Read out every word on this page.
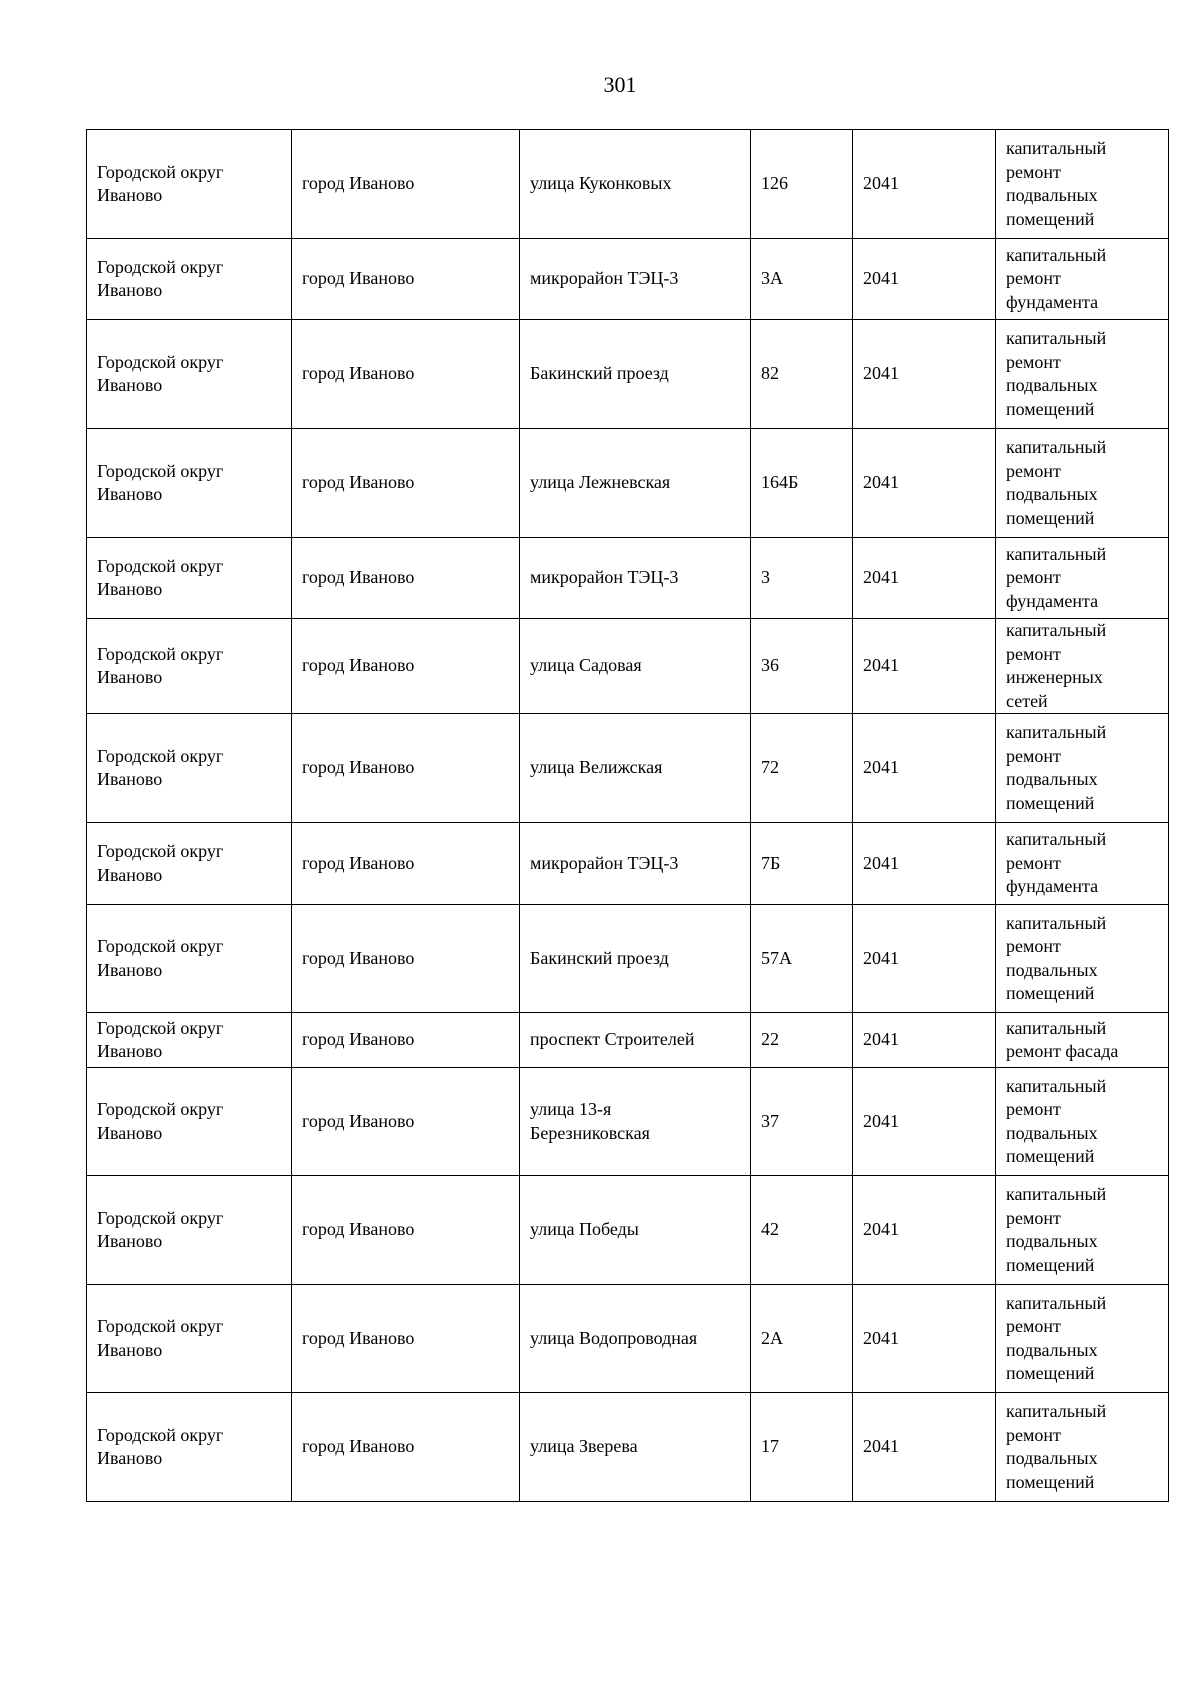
301
Городской округ
Иваново	город Иваново	улица Куконковых	126	2041	капитальный
ремонт
подвальных
помещений

Городской округ
Иваново	город Иваново	микрорайон ТЭЦ-3	3А	2041	капитальный
ремонт
фундамента

Городской округ
Иваново	город Иваново	Бакинский проезд	82	2041	капитальный
ремонт
подвальных
помещений

Городской округ
Иваново	город Иваново	улица Лежневская	164Б	2041	капитальный
ремонт
подвальных
помещений

Городской округ
Иваново	город Иваново	микрорайон ТЭЦ-3	3	2041	капитальный
ремонт
фундамента

Городской округ
Иваново	город Иваново	улица Садовая	36	2041	капитальный
ремонт
инженерных
сетей

Городской округ
Иваново	город Иваново	улица Велижская	72	2041	капитальный
ремонт
подвальных
помещений

Городской округ
Иваново	город Иваново	микрорайон ТЭЦ-3	7Б	2041	капитальный
ремонт
фундамента

Городской округ
Иваново	город Иваново	Бакинский проезд	57А	2041	капитальный
ремонт
подвальных
помещений

Городской округ
Иваново	город Иваново	проспект Строителей	22	2041	капитальный
ремонт фасада

Городской округ
Иваново	город Иваново	улица 13-я
Березниковская	37	2041	капитальный
ремонт
подвальных
помещений

Городской округ
Иваново	город Иваново	улица Победы	42	2041	капитальный
ремонт
подвальных
помещений

Городской округ
Иваново	город Иваново	улица Водопроводная	2А	2041	капитальный
ремонт
подвальных
помещений

Городской округ
Иваново	город Иваново	улица Зверева	17	2041	капитальный
ремонт
подвальных
помещений
